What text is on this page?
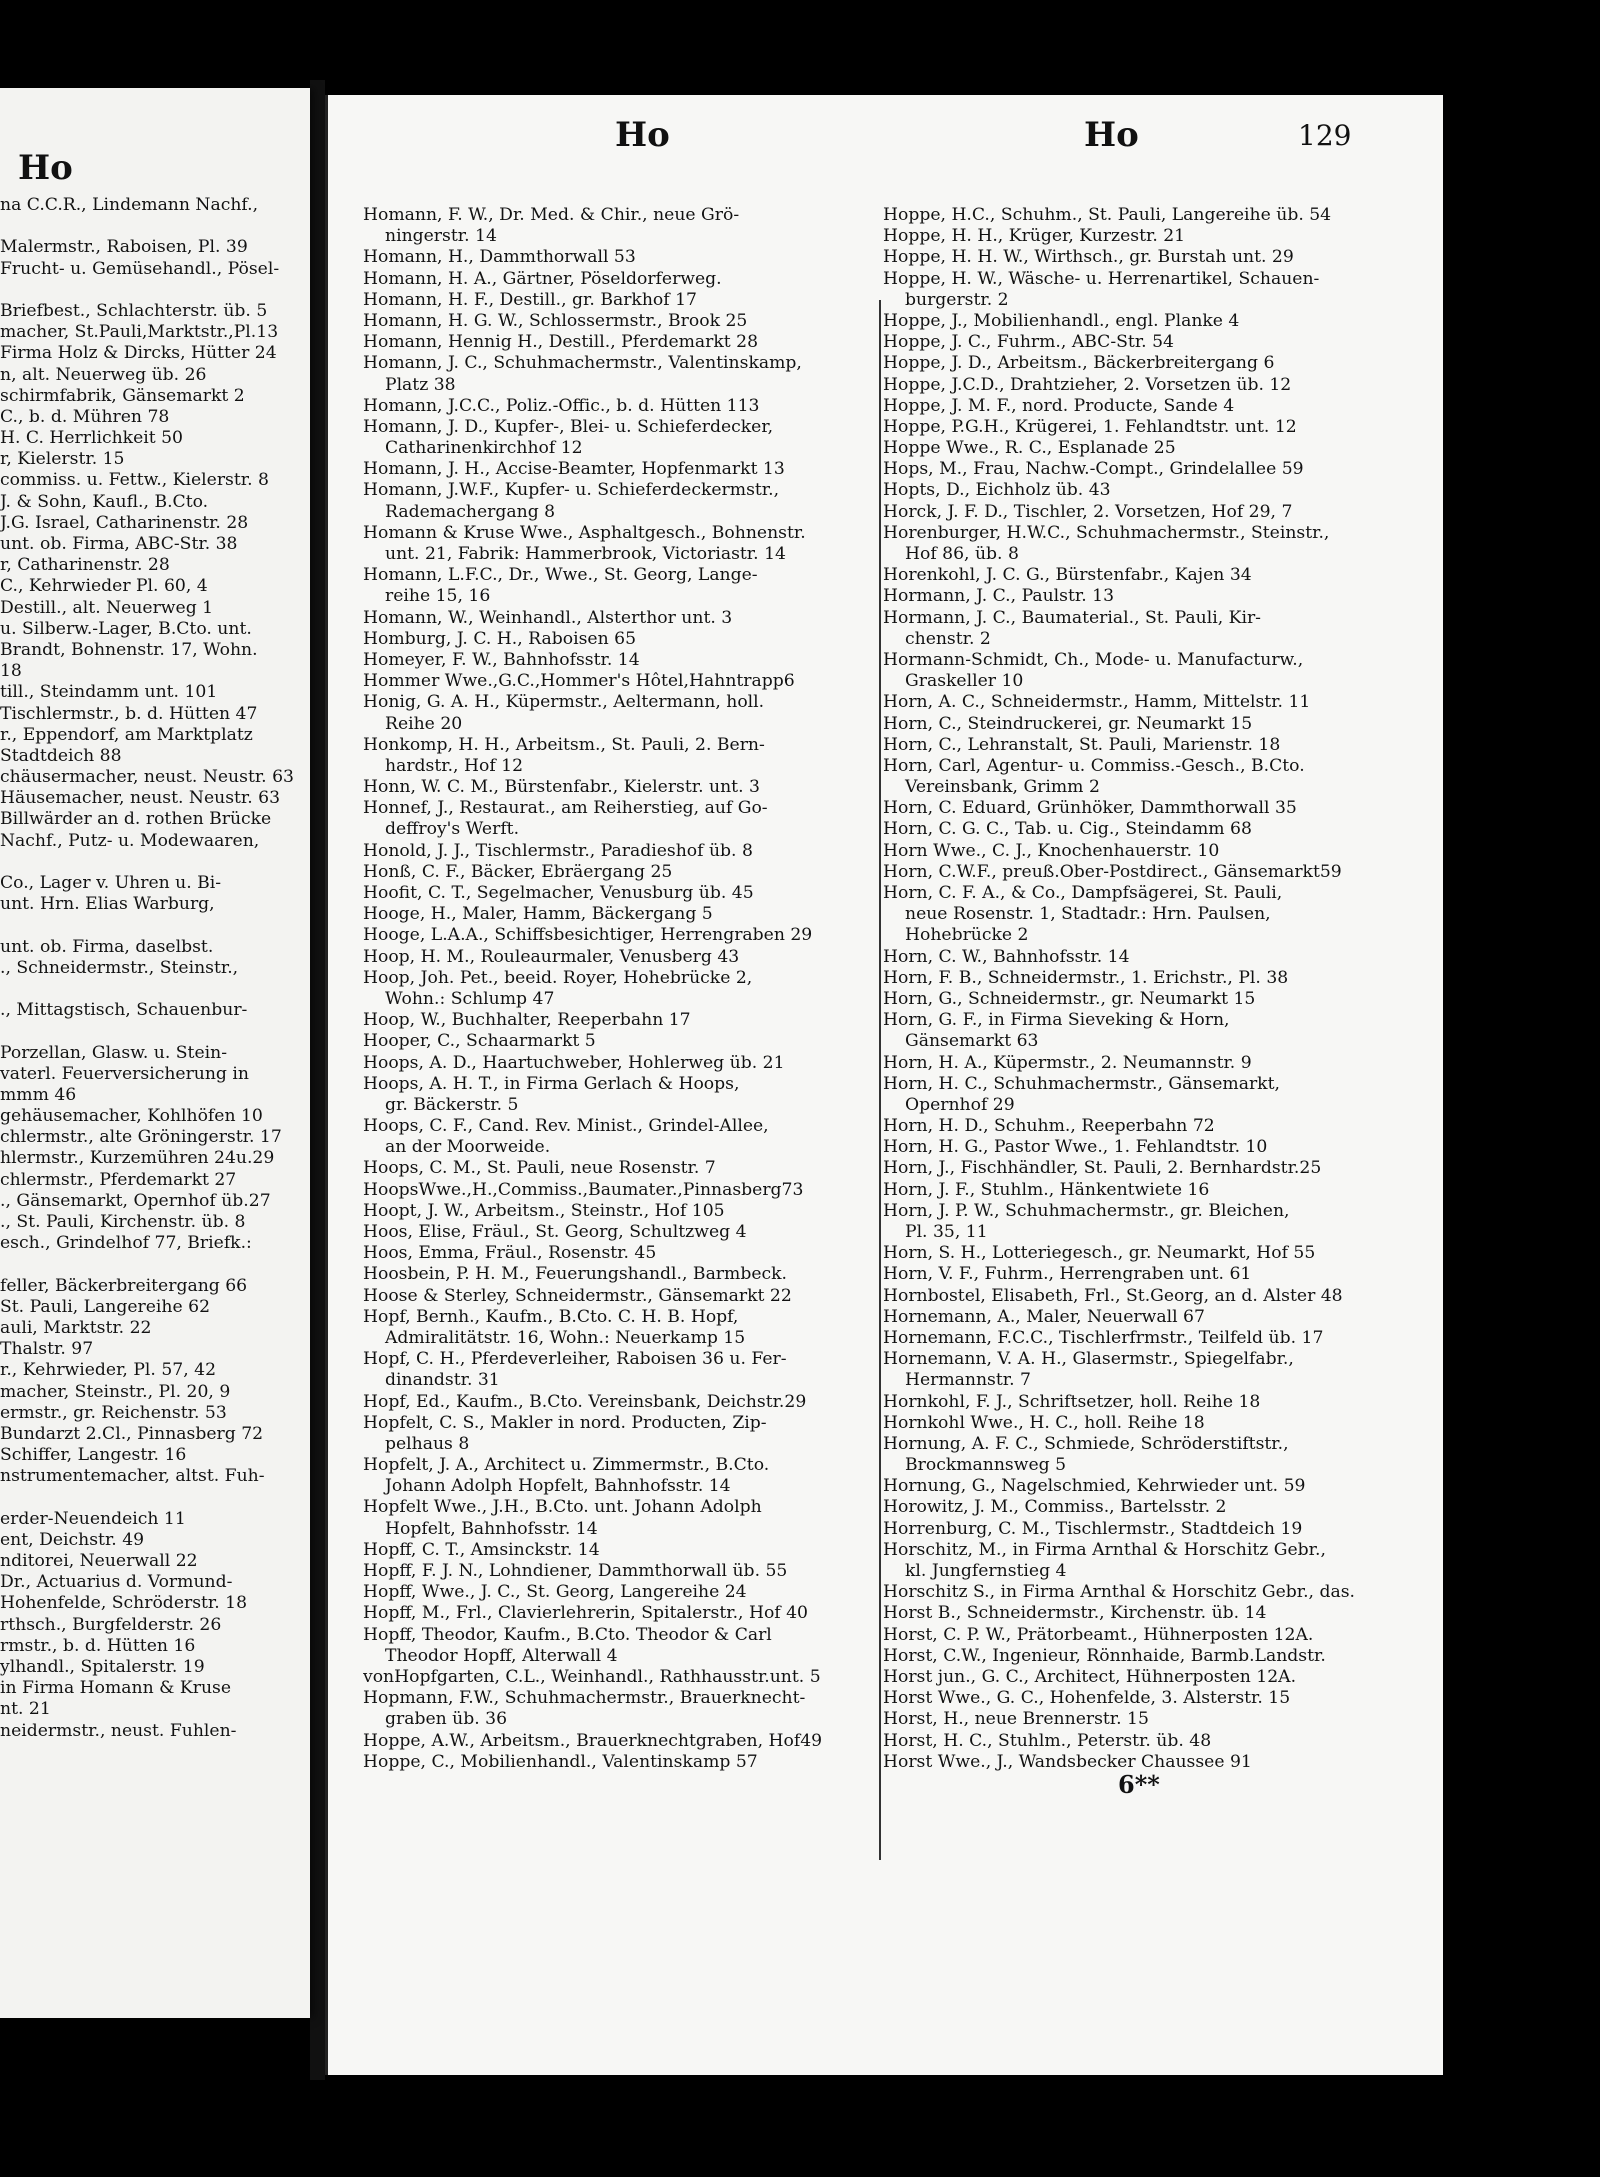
Ho
na C.C.R., Lindemann Nachf.,
Malermstr., Raboisen, Pl. 39
Frucht- u. Gemüsehandl., Pösel-
Briefbest., Schlachterstr. üb. 5
macher, St.Pauli,Marktstr.,Pl.13
Firma Holz & Dircks, Hütter 24
n, alt. Neuerweg üb. 26
schirmfabrik, Gänsemarkt 2
C., b. d. Mühren 78
H. C. Herrlichkeit 50
r, Kielerstr. 15
commiss. u. Fettw., Kielerstr. 8
J. & Sohn, Kaufl., B.Cto.
J.G. Israel, Catharinenstr. 28
unt. ob. Firma, ABC-Str. 38
r, Catharinenstr. 28
C., Kehrwieder Pl. 60, 4
Destill., alt. Neuerweg 1
u. Silberw.-Lager, B.Cto. unt.
Brandt, Bohnenstr. 17, Wohn.
18
till., Steindamm unt. 101
Tischlermstr., b. d. Hütten 47
r., Eppendorf, am Marktplatz
Stadtdeich 88
chäusermacher, neust. Neustr. 63
Häusemacher, neust. Neustr. 63
Billwärder an d. rothen Brücke
Nachf., Putz- u. Modewaaren,
Co., Lager v. Uhren u. Bi-
unt. Hrn. Elias Warburg,
unt. ob. Firma, daselbst.
., Schneidermstr., Steinstr.,
., Mittagstisch, Schauenbur-
Porzellan, Glasw. u. Stein-
vaterl. Feuerversicherung in
mmm 46
gehäusemacher, Kohlhöfen 10
chlermstr., alte Gröningerstr. 17
hlermstr., Kurzemühren 24u.29
chlermstr., Pferdemarkt 27
., Gänsemarkt, Opernhof üb.27
., St. Pauli, Kirchenstr. üb. 8
esch., Grindelhof 77, Briefk.:
feller, Bäckerbreitergang 66
St. Pauli, Langereihe 62
auli, Marktstr. 22
Thalstr. 97
r., Kehrwieder, Pl. 57, 42
macher, Steinstr., Pl. 20, 9
ermstr., gr. Reichenstr. 53
Bundarzt 2.Cl., Pinnasberg 72
Schiffer, Langestr. 16
nstrumentemacher, altst. Fuh-
erder-Neuendeich 11
ent, Deichstr. 49
nditorei, Neuerwall 22
Dr., Actuarius d. Vormund-
Hohenfelde, Schröderstr. 18
rthsch., Burgfelderstr. 26
rmstr., b. d. Hütten 16
ylhandl., Spitalerstr. 19
in Firma Homann & Kruse
nt. 21
neidermstr., neust. Fuhlen-
Ho	Ho	129
Homann, F. W., Dr. Med. & Chir., neue Grö-
ningerstr. 14
Homann, H., Dammthorwall 53
Homann, H. A., Gärtner, Pöseldorferweg.
Homann, H. F., Destill., gr. Barkhof 17
Homann, H. G. W., Schlossermstr., Brook 25
Homann, Hennig H., Destill., Pferdemarkt 28
Homann, J. C., Schuhmachermstr., Valentinskamp,
Platz 38
Homann, J.C.C., Poliz.-Offic., b. d. Hütten 113
Homann, J. D., Kupfer-, Blei- u. Schieferdecker,
Catharinenkirchhof 12
Homann, J. H., Accise-Beamter, Hopfenmarkt 13
Homann, J.W.F., Kupfer- u. Schieferdeckermstr.,
Rademachergang 8
Homann & Kruse Wwe., Asphaltgesch., Bohnenstr.
unt. 21, Fabrik: Hammerbrook, Victoriastr. 14
Homann, L.F.C., Dr., Wwe., St. Georg, Lange-
reihe 15, 16
Homann, W., Weinhandl., Alsterthor unt. 3
Homburg, J. C. H., Raboisen 65
Homeyer, F. W., Bahnhofsstr. 14
Hommer Wwe.,G.C.,Hommer's Hôtel,Hahntrapp6
Honig, G. A. H., Küpermstr., Aeltermann, holl.
Reihe 20
Honkomp, H. H., Arbeitsm., St. Pauli, 2. Bern-
hardstr., Hof 12
Honn, W. C. M., Bürstenfabr., Kielerstr. unt. 3
Honnef, J., Restaurat., am Reiherstieg, auf Go-
deffroy's Werft.
Honold, J. J., Tischlermstr., Paradieshof üb. 8
Honß, C. F., Bäcker, Ebräergang 25
Hoofit, C. T., Segelmacher, Venusburg üb. 45
Hooge, H., Maler, Hamm, Bäckergang 5
Hooge, L.A.A., Schiffsbesichtiger, Herrengraben 29
Hoop, H. M., Rouleaurmaler, Venusberg 43
Hoop, Joh. Pet., beeid. Royer, Hohebrücke 2,
Wohn.: Schlump 47
Hoop, W., Buchhalter, Reeperbahn 17
Hooper, C., Schaarmarkt 5
Hoops, A. D., Haartuchweber, Hohlerweg üb. 21
Hoops, A. H. T., in Firma Gerlach & Hoops,
gr. Bäckerstr. 5
Hoops, C. F., Cand. Rev. Minist., Grindel-Allee,
an der Moorweide.
Hoops, C. M., St. Pauli, neue Rosenstr. 7
HoopsWwe.,H.,Commiss.,Baumater.,Pinnasberg73
Hoopt, J. W., Arbeitsm., Steinstr., Hof 105
Hoos, Elise, Fräul., St. Georg, Schultzweg 4
Hoos, Emma, Fräul., Rosenstr. 45
Hoosbein, P. H. M., Feuerungshandl., Barmbeck.
Hoose & Sterley, Schneidermstr., Gänsemarkt 22
Hopf, Bernh., Kaufm., B.Cto. C. H. B. Hopf,
Admiralitätstr. 16, Wohn.: Neuerkamp 15
Hopf, C. H., Pferdeverleiher, Raboisen 36 u. Fer-
dinandstr. 31
Hopf, Ed., Kaufm., B.Cto. Vereinsbank, Deichstr.29
Hopfelt, C. S., Makler in nord. Producten, Zip-
pelhaus 8
Hopfelt, J. A., Architect u. Zimmermstr., B.Cto.
Johann Adolph Hopfelt, Bahnhofsstr. 14
Hopfelt Wwe., J.H., B.Cto. unt. Johann Adolph
Hopfelt, Bahnhofsstr. 14
Hopff, C. T., Amsinckstr. 14
Hopff, F. J. N., Lohndiener, Dammthorwall üb. 55
Hopff, Wwe., J. C., St. Georg, Langereihe 24
Hopff, M., Frl., Clavierlehrerin, Spitalerstr., Hof 40
Hopff, Theodor, Kaufm., B.Cto. Theodor & Carl
Theodor Hopff, Alterwall 4
vonHopfgarten, C.L., Weinhandl., Rathhausstr.unt. 5
Hopmann, F.W., Schuhmachermstr., Brauerknecht-
graben üb. 36
Hoppe, A.W., Arbeitsm., Brauerknechtgraben, Hof49
Hoppe, C., Mobilienhandl., Valentinskamp 57
Hoppe, H.C., Schuhm., St. Pauli, Langereihe üb. 54
Hoppe, H. H., Krüger, Kurzestr. 21
Hoppe, H. H. W., Wirthsch., gr. Burstah unt. 29
Hoppe, H. W., Wäsche- u. Herrenartikel, Schauen-
burgerstr. 2
Hoppe, J., Mobilienhandl., engl. Planke 4
Hoppe, J. C., Fuhrm., ABC-Str. 54
Hoppe, J. D., Arbeitsm., Bäckerbreitergang 6
Hoppe, J.C.D., Drahtzieher, 2. Vorsetzen üb. 12
Hoppe, J. M. F., nord. Producte, Sande 4
Hoppe, P.G.H., Krügerei, 1. Fehlandtstr. unt. 12
Hoppe Wwe., R. C., Esplanade 25
Hops, M., Frau, Nachw.-Compt., Grindelallee 59
Hopts, D., Eichholz üb. 43
Horck, J. F. D., Tischler, 2. Vorsetzen, Hof 29, 7
Horenburger, H.W.C., Schuhmachermstr., Steinstr.,
Hof 86, üb. 8
Horenkohl, J. C. G., Bürstenfabr., Kajen 34
Hormann, J. C., Paulstr. 13
Hormann, J. C., Baumaterial., St. Pauli, Kir-
chenstr. 2
Hormann-Schmidt, Ch., Mode- u. Manufacturw.,
Graskeller 10
Horn, A. C., Schneidermstr., Hamm, Mittelstr. 11
Horn, C., Steindruckerei, gr. Neumarkt 15
Horn, C., Lehranstalt, St. Pauli, Marienstr. 18
Horn, Carl, Agentur- u. Commiss.-Gesch., B.Cto.
Vereinsbank, Grimm 2
Horn, C. Eduard, Grünhöker, Dammthorwall 35
Horn, C. G. C., Tab. u. Cig., Steindamm 68
Horn Wwe., C. J., Knochenhauerstr. 10
Horn, C.W.F., preuß.Ober-Postdirect., Gänsemarkt59
Horn, C. F. A., & Co., Dampfsägerei, St. Pauli,
neue Rosenstr. 1, Stadtadr.: Hrn. Paulsen,
Hohebrücke 2
Horn, C. W., Bahnhofsstr. 14
Horn, F. B., Schneidermstr., 1. Erichstr., Pl. 38
Horn, G., Schneidermstr., gr. Neumarkt 15
Horn, G. F., in Firma Sieveking & Horn,
Gänsemarkt 63
Horn, H. A., Küpermstr., 2. Neumannstr. 9
Horn, H. C., Schuhmachermstr., Gänsemarkt,
Opernhof 29
Horn, H. D., Schuhm., Reeperbahn 72
Horn, H. G., Pastor Wwe., 1. Fehlandtstr. 10
Horn, J., Fischhändler, St. Pauli, 2. Bernhardstr.25
Horn, J. F., Stuhlm., Hänkentwiete 16
Horn, J. P. W., Schuhmachermstr., gr. Bleichen,
Pl. 35, 11
Horn, S. H., Lotteriegesch., gr. Neumarkt, Hof 55
Horn, V. F., Fuhrm., Herrengraben unt. 61
Hornbostel, Elisabeth, Frl., St.Georg, an d. Alster 48
Hornemann, A., Maler, Neuerwall 67
Hornemann, F.C.C., Tischlerfrmstr., Teilfeld üb. 17
Hornemann, V. A. H., Glasermstr., Spiegelfabr.,
Hermannstr. 7
Hornkohl, F. J., Schriftsetzer, holl. Reihe 18
Hornkohl Wwe., H. C., holl. Reihe 18
Hornung, A. F. C., Schmiede, Schröderstiftstr.,
Brockmannsweg 5
Hornung, G., Nagelschmied, Kehrwieder unt. 59
Horowitz, J. M., Commiss., Bartelsstr. 2
Horrenburg, C. M., Tischlermstr., Stadtdeich 19
Horschitz, M., in Firma Arnthal & Horschitz Gebr.,
kl. Jungfernstieg 4
Horschitz S., in Firma Arnthal & Horschitz Gebr., das.
Horst B., Schneidermstr., Kirchenstr. üb. 14
Horst, C. P. W., Prätorbeamt., Hühnerposten 12A.
Horst, C.W., Ingenieur, Rönnhaide, Barmb.Landstr.
Horst jun., G. C., Architect, Hühnerposten 12A.
Horst Wwe., G. C., Hohenfelde, 3. Alsterstr. 15
Horst, H., neue Brennerstr. 15
Horst, H. C., Stuhlm., Peterstr. üb. 48
Horst Wwe., J., Wandsbecker Chaussee 91
6**
